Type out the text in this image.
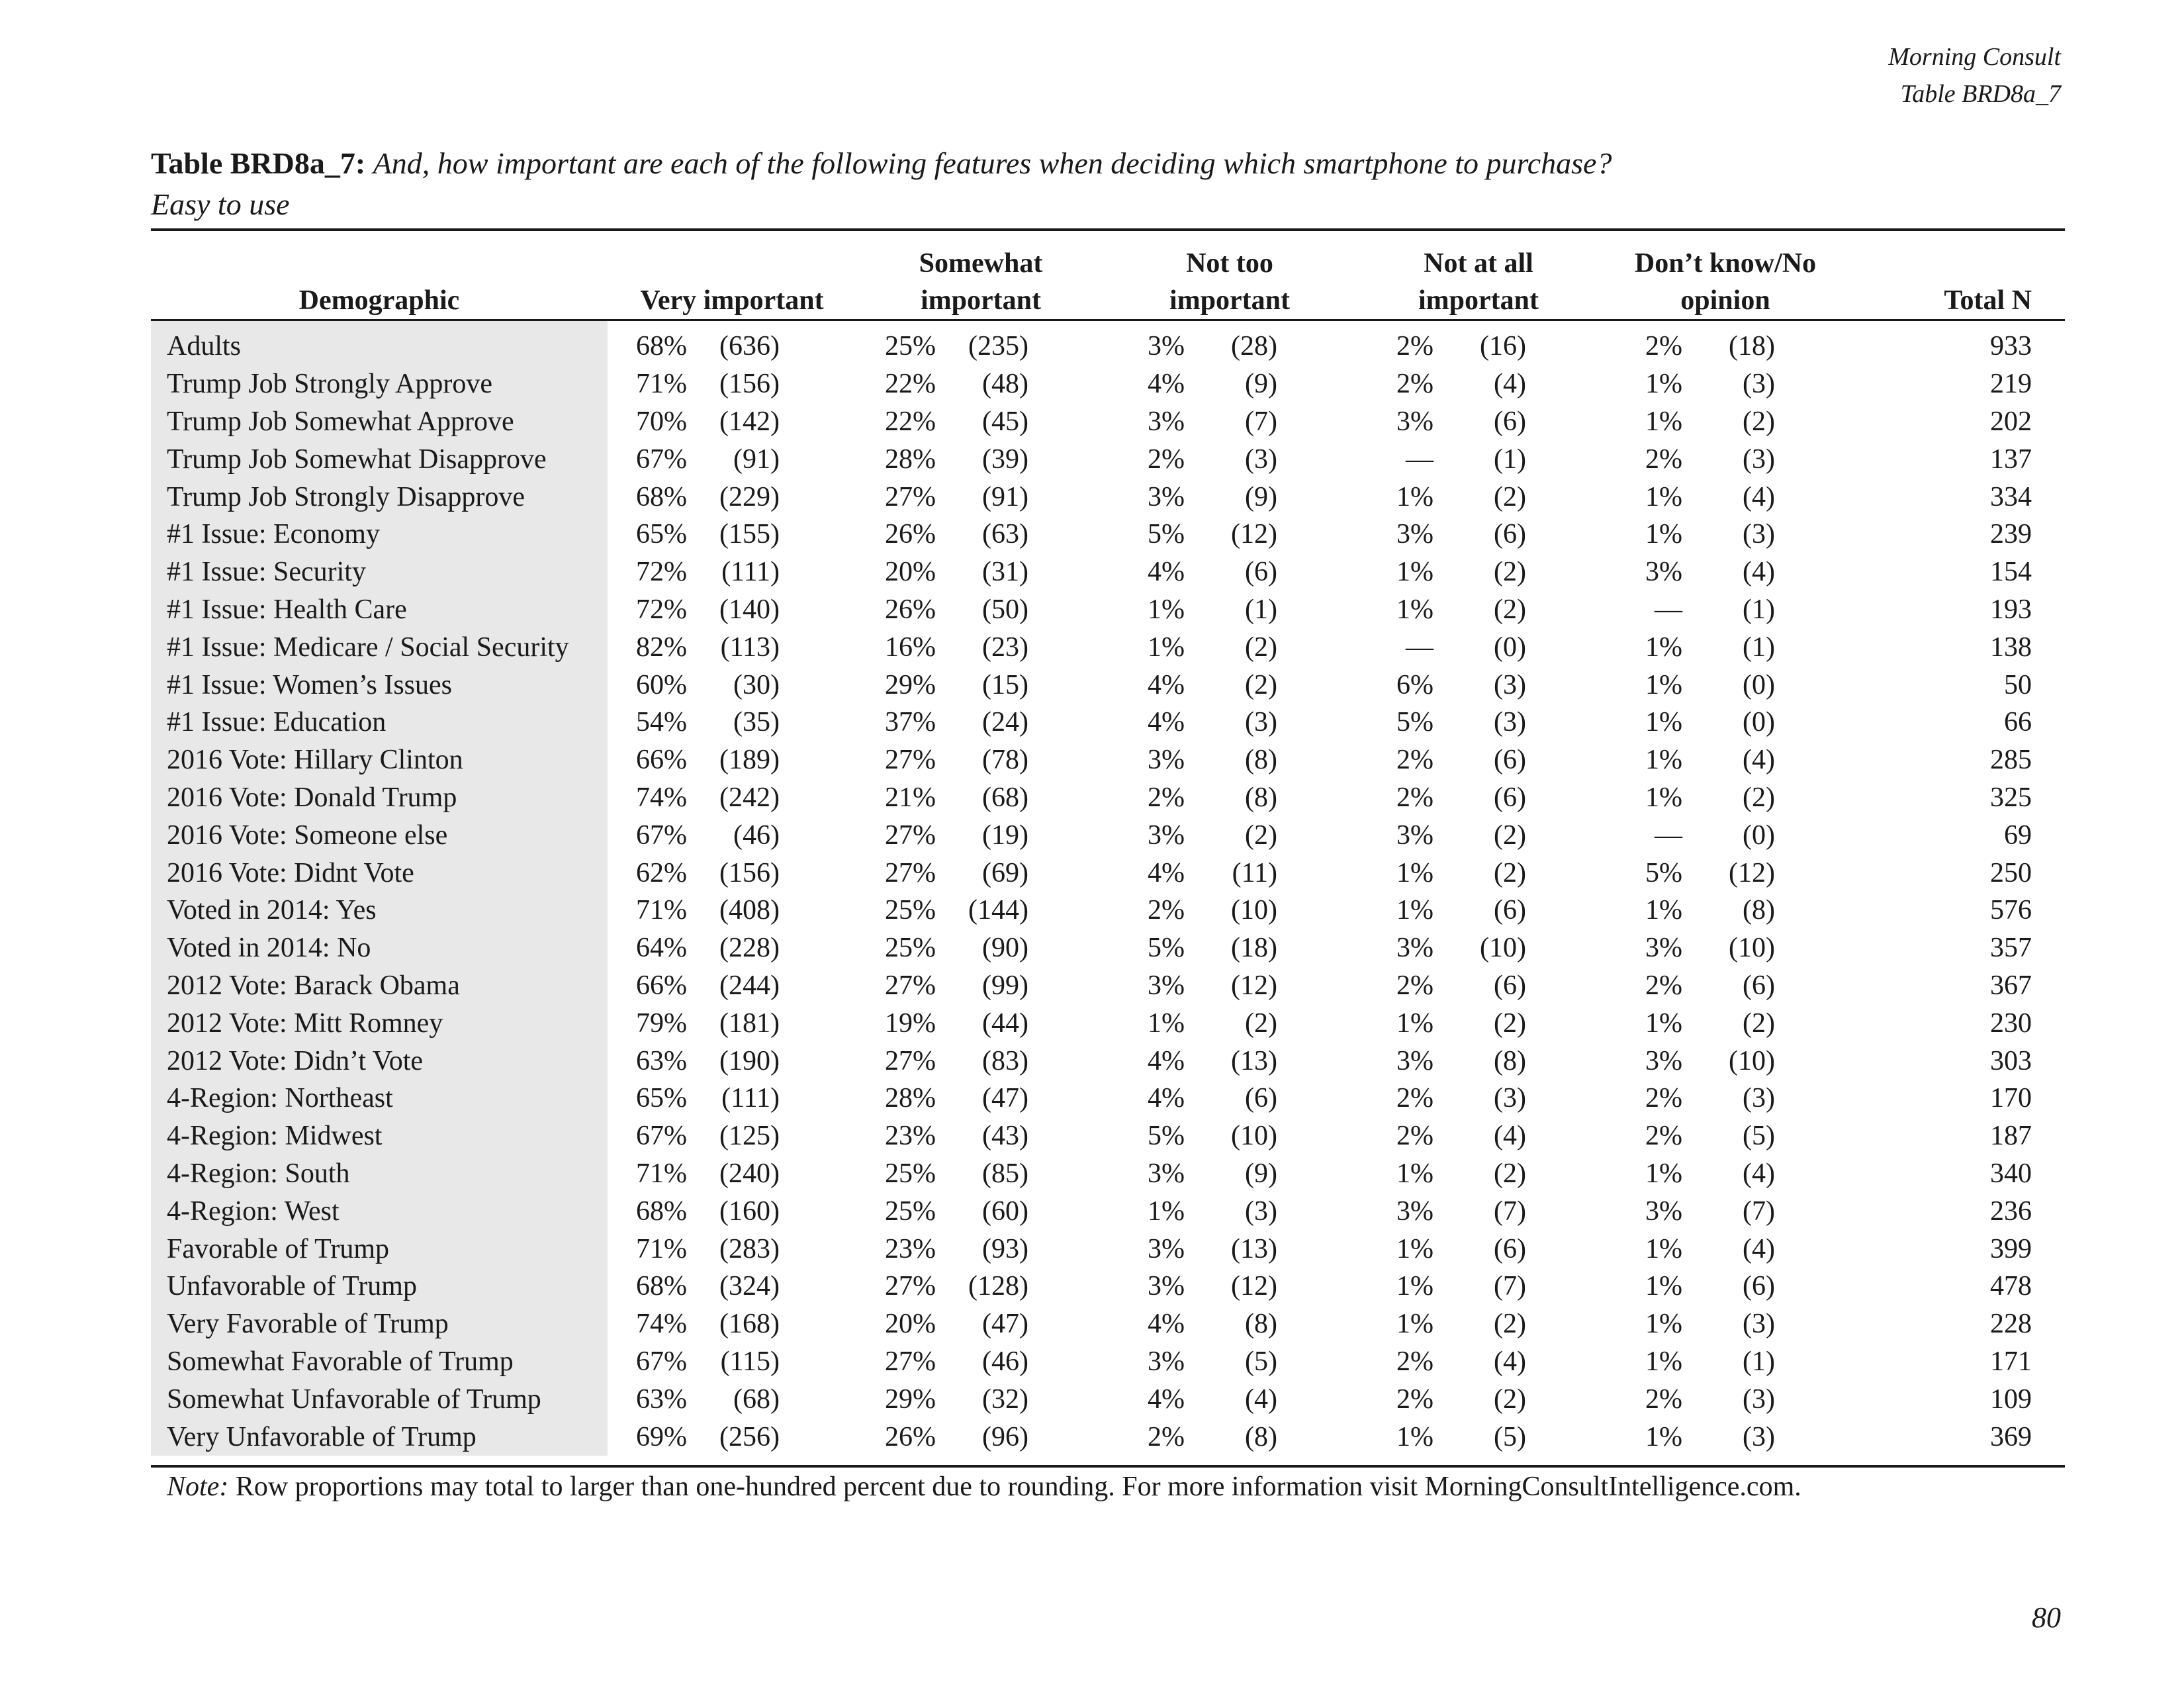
Morning Consult
Table BRD8a_7
Table BRD8a_7: And, how important are each of the following features when deciding which smartphone to purchase?
Easy to use
Demographic	Very important		Somewhat
important		Not too
important		Not at all
important		Don’t know/No
opinion		Total N
Adults	68%	(636)	25%	(235)	3%	(28)	2%	(16)	2%	(18)	933
Trump Job Strongly Approve	71%	(156)	22%	(48)	4%	(9)	2%	(4)	1%	(3)	219
Trump Job Somewhat Approve	70%	(142)	22%	(45)	3%	(7)	3%	(6)	1%	(2)	202
Trump Job Somewhat Disapprove	67%	(91)	28%	(39)	2%	(3)	—	(1)	2%	(3)	137
Trump Job Strongly Disapprove	68%	(229)	27%	(91)	3%	(9)	1%	(2)	1%	(4)	334
#1 Issue: Economy	65%	(155)	26%	(63)	5%	(12)	3%	(6)	1%	(3)	239
#1 Issue: Security	72%	(111)	20%	(31)	4%	(6)	1%	(2)	3%	(4)	154
#1 Issue: Health Care	72%	(140)	26%	(50)	1%	(1)	1%	(2)	—	(1)	193
#1 Issue: Medicare / Social Security	82%	(113)	16%	(23)	1%	(2)	—	(0)	1%	(1)	138
#1 Issue: Women’s Issues	60%	(30)	29%	(15)	4%	(2)	6%	(3)	1%	(0)	50
#1 Issue: Education	54%	(35)	37%	(24)	4%	(3)	5%	(3)	1%	(0)	66
2016 Vote: Hillary Clinton	66%	(189)	27%	(78)	3%	(8)	2%	(6)	1%	(4)	285
2016 Vote: Donald Trump	74%	(242)	21%	(68)	2%	(8)	2%	(6)	1%	(2)	325
2016 Vote: Someone else	67%	(46)	27%	(19)	3%	(2)	3%	(2)	—	(0)	69
2016 Vote: Didnt Vote	62%	(156)	27%	(69)	4%	(11)	1%	(2)	5%	(12)	250
Voted in 2014: Yes	71%	(408)	25%	(144)	2%	(10)	1%	(6)	1%	(8)	576
Voted in 2014: No	64%	(228)	25%	(90)	5%	(18)	3%	(10)	3%	(10)	357
2012 Vote: Barack Obama	66%	(244)	27%	(99)	3%	(12)	2%	(6)	2%	(6)	367
2012 Vote: Mitt Romney	79%	(181)	19%	(44)	1%	(2)	1%	(2)	1%	(2)	230
2012 Vote: Didn’t Vote	63%	(190)	27%	(83)	4%	(13)	3%	(8)	3%	(10)	303
4-Region: Northeast	65%	(111)	28%	(47)	4%	(6)	2%	(3)	2%	(3)	170
4-Region: Midwest	67%	(125)	23%	(43)	5%	(10)	2%	(4)	2%	(5)	187
4-Region: South	71%	(240)	25%	(85)	3%	(9)	1%	(2)	1%	(4)	340
4-Region: West	68%	(160)	25%	(60)	1%	(3)	3%	(7)	3%	(7)	236
Favorable of Trump	71%	(283)	23%	(93)	3%	(13)	1%	(6)	1%	(4)	399
Unfavorable of Trump	68%	(324)	27%	(128)	3%	(12)	1%	(7)	1%	(6)	478
Very Favorable of Trump	74%	(168)	20%	(47)	4%	(8)	1%	(2)	1%	(3)	228
Somewhat Favorable of Trump	67%	(115)	27%	(46)	3%	(5)	2%	(4)	1%	(1)	171
Somewhat Unfavorable of Trump	63%	(68)	29%	(32)	4%	(4)	2%	(2)	2%	(3)	109
Very Unfavorable of Trump	69%	(256)	26%	(96)	2%	(8)	1%	(5)	1%	(3)	369
Note: Row proportions may total to larger than one-hundred percent due to rounding. For more information visit MorningConsultIntelligence.com.
80
